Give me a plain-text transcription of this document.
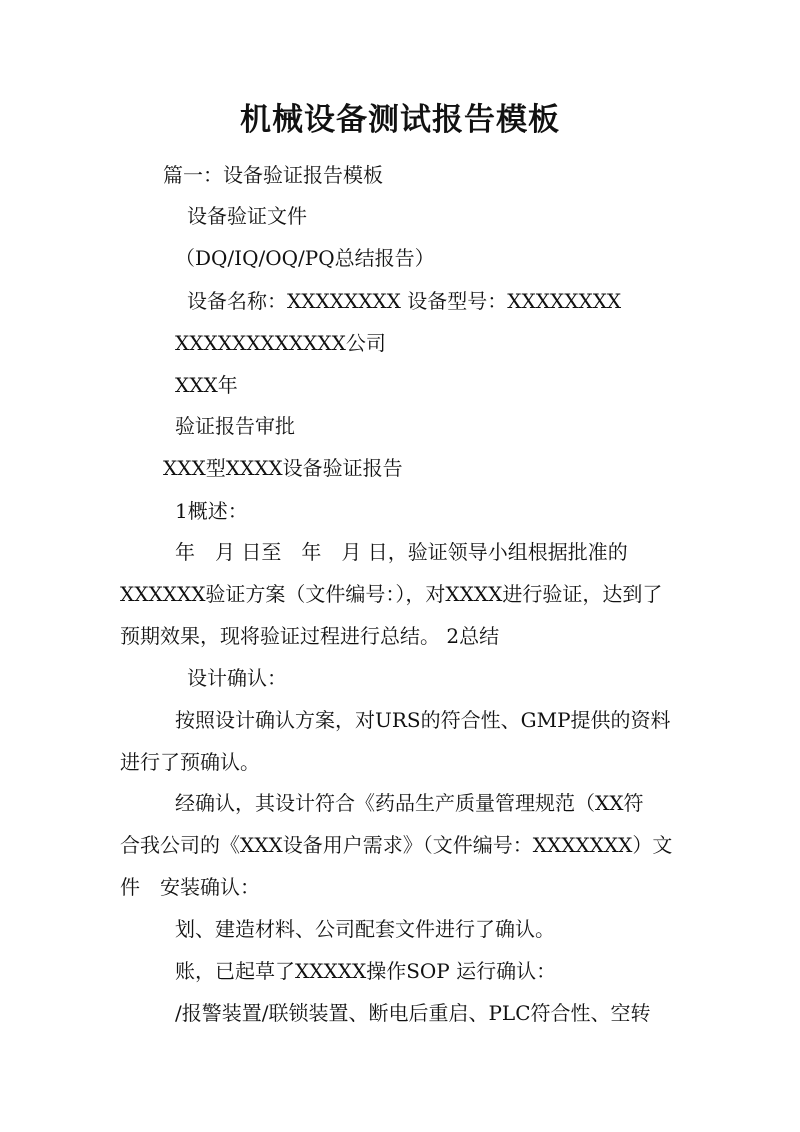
机械设备测试报告模板
篇一：设备验证报告模板
设备验证文件
（DQ/IQ/OQ/PQ总结报告）
设备名称：XXXXXXXX 设备型号：XXXXXXXX
XXXXXXXXXXXX公司
XXX年
验证报告审批
XXX型XXXX设备验证报告
1概述：
年　月 日至　年　月 日，验证领导小组根据批准的
XXXXXX验证方案（文件编号：），对XXXX进行验证，达到了
预期效果，现将验证过程进行总结。 2总结
设计确认：
按照设计确认方案，对URS的符合性、GMP提供的资料
进行了预确认。
经确认，其设计符合《药品生产质量管理规范（XX符
合我公司的《XXX设备用户需求》（文件编号：XXXXXXX）文
件　安装确认：
划、建造材料、公司配套文件进行了确认。
账，已起草了XXXXX操作SOP 运行确认：
/报警装置/联锁装置、断电后重启、PLC符合性、空转
